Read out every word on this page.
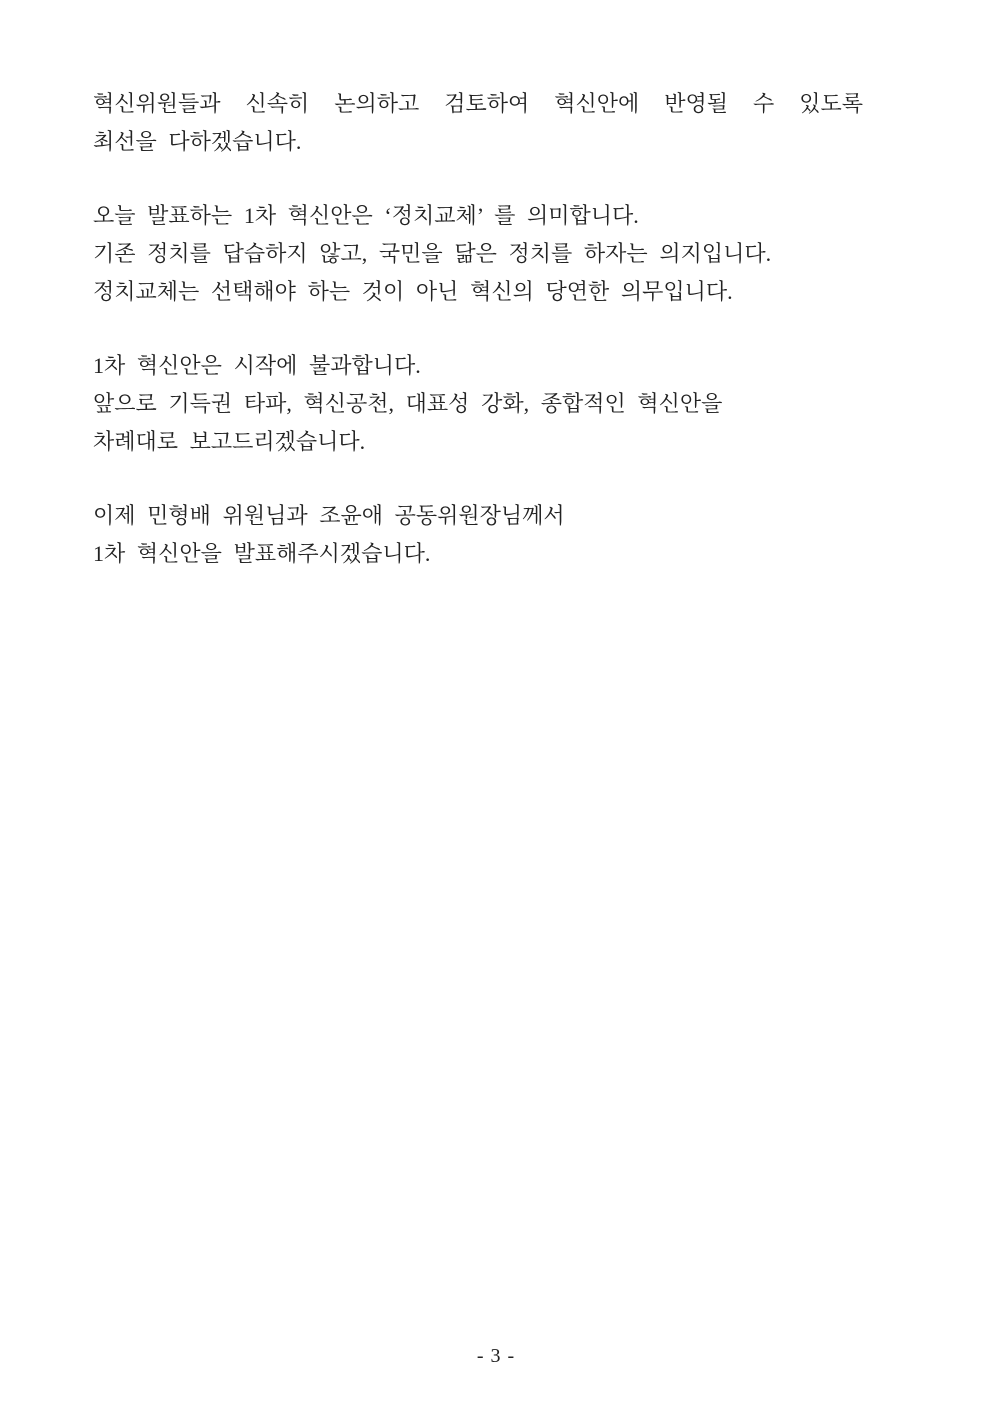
혁신위원들과 신속히 논의하고 검토하여 혁신안에 반영될 수 있도록
최선을 다하겠습니다.

오늘 발표하는 1차 혁신안은 ‘정치교체’ 를 의미합니다.
기존 정치를 답습하지 않고, 국민을 닮은 정치를 하자는 의지입니다.
정치교체는 선택해야 하는 것이 아닌 혁신의 당연한 의무입니다.

1차 혁신안은 시작에 불과합니다.
앞으로 기득권 타파, 혁신공천, 대표성 강화, 종합적인 혁신안을
차례대로 보고드리겠습니다.

이제 민형배 위원님과 조윤애 공동위원장님께서
1차 혁신안을 발표해주시겠습니다.

- 3 -
